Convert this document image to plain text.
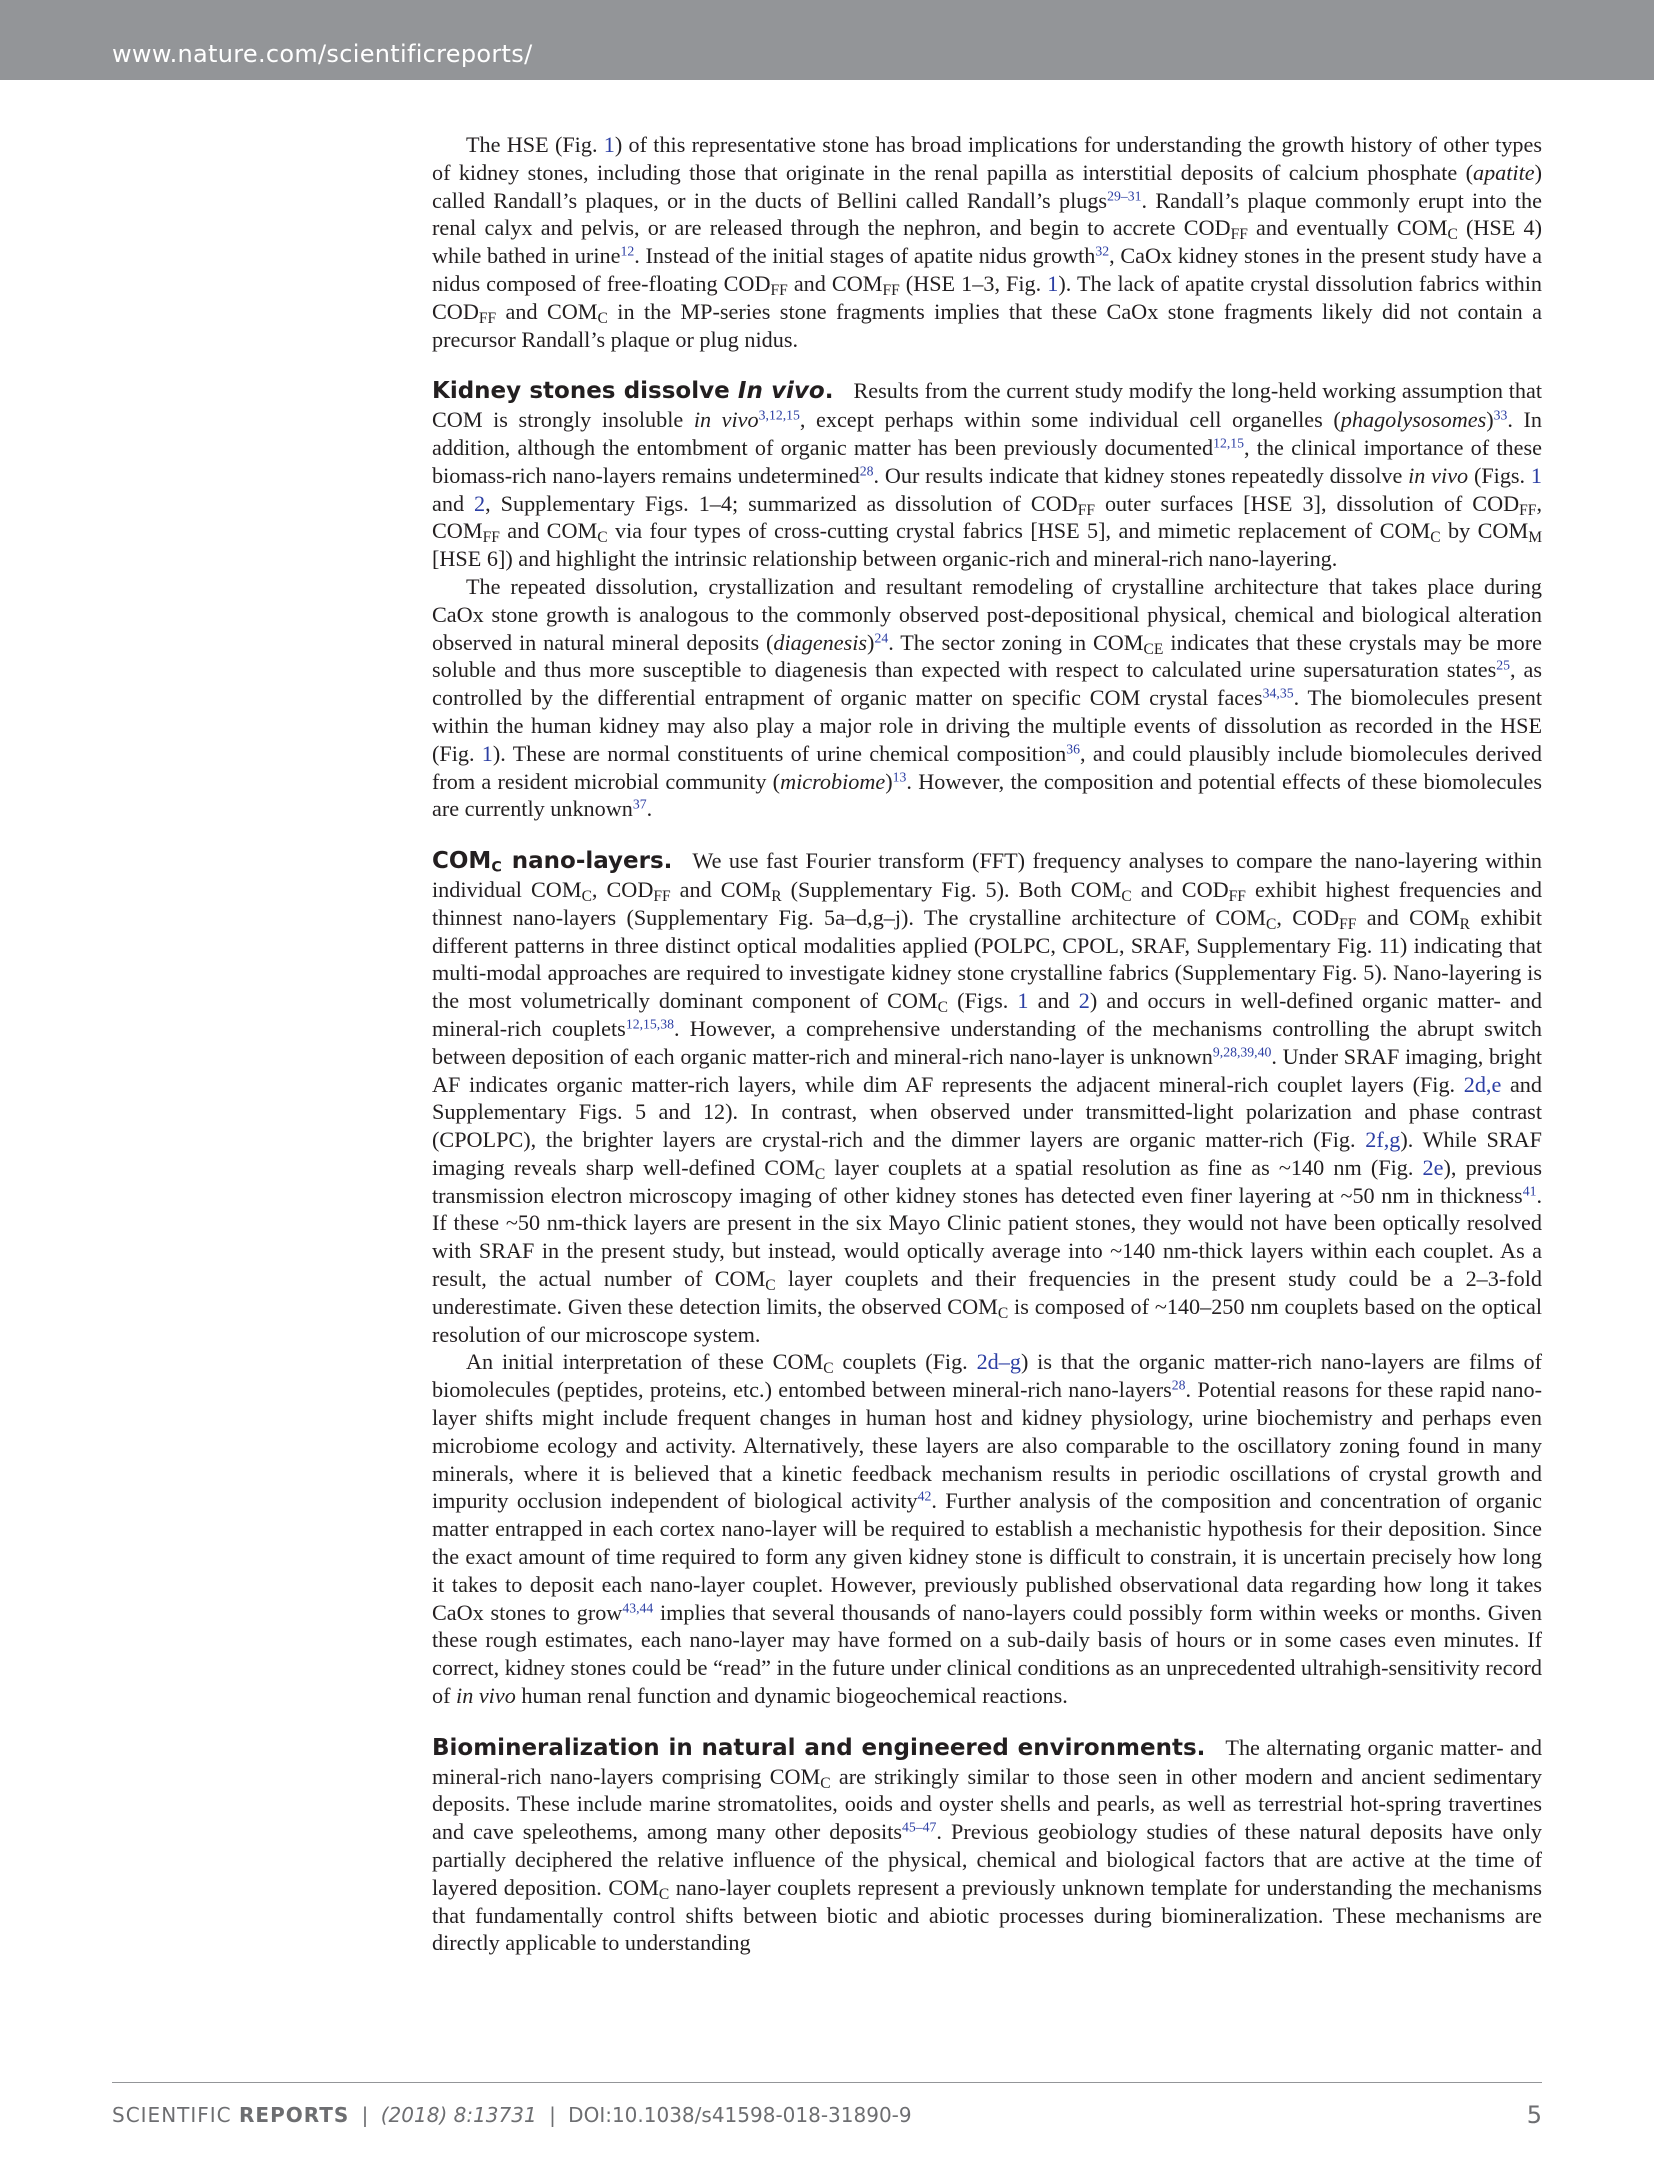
www.nature.com/scientificreports/

The HSE (Fig. 1) of this representative stone has broad implications for understanding the growth history of other types of kidney stones, including those that originate in the renal papilla as interstitial deposits of calcium phosphate (apatite) called Randall’s plaques, or in the ducts of Bellini called Randall’s plugs$^{29-31}$. Randall’s plaque commonly erupt into the renal calyx and pelvis, or are released through the nephron, and begin to accrete $COD_{FF}$ and eventually $COM_C$ (HSE 4) while bathed in urine$^{12}$. Instead of the initial stages of apatite nidus growth$^{32}$, CaOx kidney stones in the present study have a nidus composed of free-floating $COD_{FF}$ and $COM_{FF}$ (HSE 1–3, Fig. 1). The lack of apatite crystal dissolution fabrics within $COD_{FF}$ and $COM_C$ in the MP-series stone fragments implies that these CaOx stone fragments likely did not contain a precursor Randall’s plaque or plug nidus.

Kidney stones dissolve In vivo. Results from the current study modify the long-held working assumption that COM is strongly insoluble in vivo$^{3,12,15}$, except perhaps within some individual cell organelles (phagolysosomes)$^{33}$. In addition, although the entombment of organic matter has been previously documented$^{12,15}$, the clinical importance of these biomass-rich nano-layers remains undetermined$^{28}$. Our results indicate that kidney stones repeatedly dissolve in vivo (Figs. 1 and 2, Supplementary Figs. 1–4; summarized as dissolution of $COD_{FF}$ outer surfaces [HSE 3], dissolution of $COD_{FF}$, $COM_{FF}$ and $COM_C$ via four types of cross-cutting crystal fabrics [HSE 5], and mimetic replacement of $COM_C$ by $COM_M$ [HSE 6]) and highlight the intrinsic relationship between organic-rich and mineral-rich nano-layering.

The repeated dissolution, crystallization and resultant remodeling of crystalline architecture that takes place during CaOx stone growth is analogous to the commonly observed post-depositional physical, chemical and biological alteration observed in natural mineral deposits (diagenesis)$^{24}$. The sector zoning in $COM_{CE}$ indicates that these crystals may be more soluble and thus more susceptible to diagenesis than expected with respect to calculated urine supersaturation states$^{25}$, as controlled by the differential entrapment of organic matter on specific COM crystal faces$^{34,35}$. The biomolecules present within the human kidney may also play a major role in driving the multiple events of dissolution as recorded in the HSE (Fig. 1). These are normal constituents of urine chemical composition$^{36}$, and could plausibly include biomolecules derived from a resident microbial community (microbiome)$^{13}$. However, the composition and potential effects of these biomolecules are currently unknown$^{37}$.

$COM_C$ nano-layers. We use fast Fourier transform (FFT) frequency analyses to compare the nano-layering within individual $COM_C$, $COD_{FF}$ and $COM_R$ (Supplementary Fig. 5). Both $COM_C$ and $COD_{FF}$ exhibit highest frequencies and thinnest nano-layers (Supplementary Fig. 5a–d,g–j). The crystalline architecture of $COM_C$, $COD_{FF}$ and $COM_R$ exhibit different patterns in three distinct optical modalities applied (POLPC, CPOL, SRAF, Supplementary Fig. 11) indicating that multi-modal approaches are required to investigate kidney stone crystalline fabrics (Supplementary Fig. 5). Nano-layering is the most volumetrically dominant component of $COM_C$ (Figs. 1 and 2) and occurs in well-defined organic matter- and mineral-rich couplets$^{12,15,38}$. However, a comprehensive understanding of the mechanisms controlling the abrupt switch between deposition of each organic matter-rich and mineral-rich nano-layer is unknown$^{9,28,39,40}$. Under SRAF imaging, bright AF indicates organic matter-rich layers, while dim AF represents the adjacent mineral-rich couplet layers (Fig. 2d,e and Supplementary Figs. 5 and 12). In contrast, when observed under transmitted-light polarization and phase contrast (CPOLPC), the brighter layers are crystal-rich and the dimmer layers are organic matter-rich (Fig. 2f,g). While SRAF imaging reveals sharp well-defined $COM_C$ layer couplets at a spatial resolution as fine as ~140 nm (Fig. 2e), previous transmission electron microscopy imaging of other kidney stones has detected even finer layering at ~50 nm in thickness$^{41}$. If these ~50 nm-thick layers are present in the six Mayo Clinic patient stones, they would not have been optically resolved with SRAF in the present study, but instead, would optically average into ~140 nm-thick layers within each couplet. As a result, the actual number of $COM_C$ layer couplets and their frequencies in the present study could be a 2–3-fold underestimate. Given these detection limits, the observed $COM_C$ is composed of ~140–250 nm couplets based on the optical resolution of our microscope system.

An initial interpretation of these $COM_C$ couplets (Fig. 2d–g) is that the organic matter-rich nano-layers are films of biomolecules (peptides, proteins, etc.) entombed between mineral-rich nano-layers$^{28}$. Potential reasons for these rapid nano-layer shifts might include frequent changes in human host and kidney physiology, urine biochemistry and perhaps even microbiome ecology and activity. Alternatively, these layers are also comparable to the oscillatory zoning found in many minerals, where it is believed that a kinetic feedback mechanism results in periodic oscillations of crystal growth and impurity occlusion independent of biological activity$^{42}$. Further analysis of the composition and concentration of organic matter entrapped in each cortex nano-layer will be required to establish a mechanistic hypothesis for their deposition. Since the exact amount of time required to form any given kidney stone is difficult to constrain, it is uncertain precisely how long it takes to deposit each nano-layer couplet. However, previously published observational data regarding how long it takes CaOx stones to grow$^{43,44}$ implies that several thousands of nano-layers could possibly form within weeks or months. Given these rough estimates, each nano-layer may have formed on a sub-daily basis of hours or in some cases even minutes. If correct, kidney stones could be “read” in the future under clinical conditions as an unprecedented ultrahigh-sensitivity record of in vivo human renal function and dynamic biogeochemical reactions.

Biomineralization in natural and engineered environments. The alternating organic matter- and mineral-rich nano-layers comprising $COM_C$ are strikingly similar to those seen in other modern and ancient sedimentary deposits. These include marine stromatolites, ooids and oyster shells and pearls, as well as terrestrial hot-spring travertines and cave speleothems, among many other deposits$^{45-47}$. Previous geobiology studies of these natural deposits have only partially deciphered the relative influence of the physical, chemical and biological factors that are active at the time of layered deposition. $COM_C$ nano-layer couplets represent a previously unknown template for understanding the mechanisms that fundamentally control shifts between biotic and abiotic processes during biomineralization. These mechanisms are directly applicable to understanding

SCIENTIFIC REPORTS | (2018) 8:13731 | DOI:10.1038/s41598-018-31890-9	5
